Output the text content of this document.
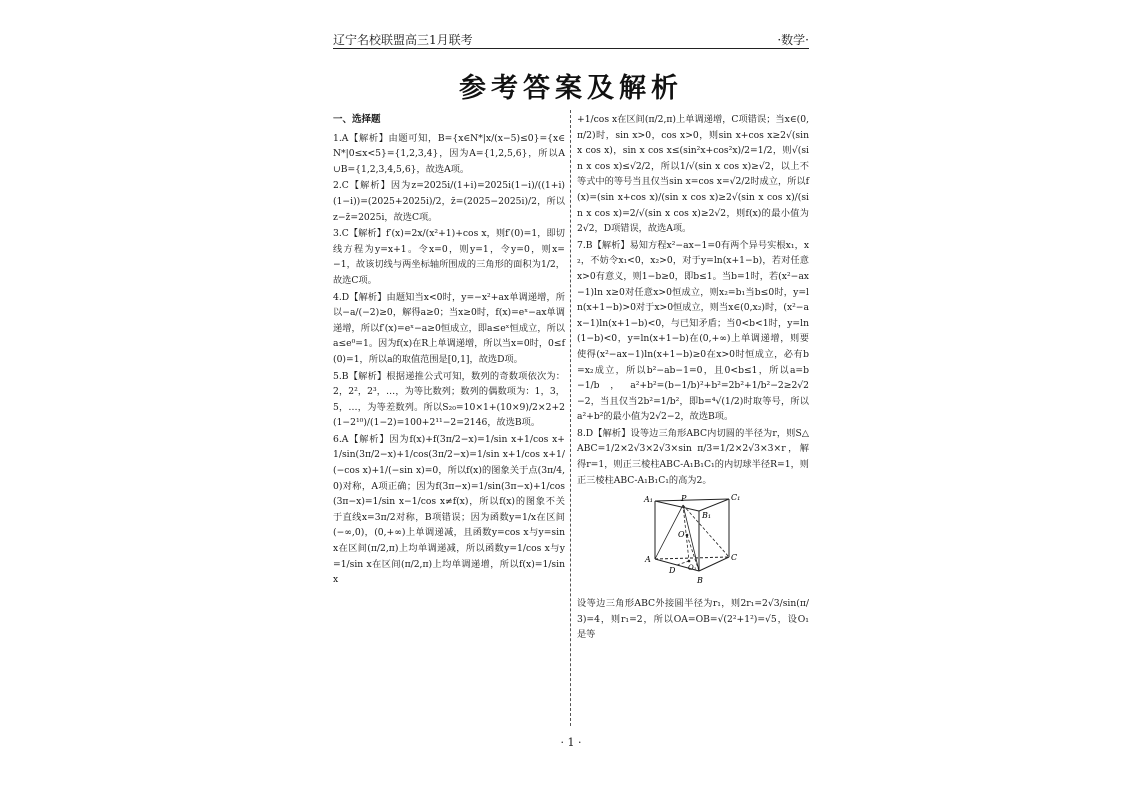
辽宁名校联盟高三1月联考	·数学·
参考答案及解析
一、选择题

1.A【解析】由题可知，B={x∈N*|x/(x−5)≤0}={x∈N*|0≤x<5}={1,2,3,4}，因为A={1,2,5,6}，所以A∪B={1,2,3,4,5,6}，故选A项。

2.C【解析】因为z=2025i/(1+i)=2025i(1−i)/((1+i)(1−i))=(2025+2025i)/2，z̄=(2025−2025i)/2，所以z−z̄=2025i，故选C项。

3.C【解析】f′(x)=2x/(x²+1)+cos x，则f′(0)=1，即切线方程为y=x+1。令x=0，则y=1，令y=0，则x=−1，故该切线与两坐标轴所围成的三角形的面积为1/2，故选C项。

4.D【解析】由题知当x<0时，y=−x²+ax单调递增，所以−a/(−2)≥0，解得a≥0；当x≥0时，f(x)=eˣ−ax单调递增，所以f′(x)=eˣ−a≥0恒成立，即a≤eˣ恒成立，所以a≤e⁰=1。因为f(x)在R上单调递增，所以当x=0时，0≤f(0)=1，所以a的取值范围是[0,1]，故选D项。

5.B【解析】根据递推公式可知，数列的奇数项依次为：2，2²，2³，…，为等比数列；数列的偶数项为：1，3，5，…，为等差数列。所以S₂₀=10×1+(10×9)/2×2+2(1−2¹⁰)/(1−2)=100+2¹¹−2=2146，故选B项。

6.A【解析】因为f(x)+f(3π/2−x)=1/sin x+1/cos x+1/sin(3π/2−x)+1/cos(3π/2−x)=1/sin x+1/cos x+1/(−cos x)+1/(−sin x)=0，所以f(x)的图象关于点(3π/4,0)对称，A项正确；因为f(3π−x)=1/sin(3π−x)+1/cos(3π−x)=1/sin x−1/cos x≠f(x)，所以f(x)的图象不关于直线x=3π/2对称，B项错误；因为函数y=1/x在区间(−∞,0)，(0,+∞)上单调递减，且函数y=cos x与y=sin x在区间(π/2,π)上均单调递减，所以函数y=1/cos x与y=1/sin x在区间(π/2,π)上均单调递增，所以f(x)=1/sin x

+1/cos x在区间(π/2,π)上单调递增，C项错误；当x∈(0,π/2)时，sin x>0，cos x>0，则sin x+cos x≥2√(sin x cos x)，sin x cos x≤(sin²x+cos²x)/2=1/2，则√(sin x cos x)≤√2/2，所以1/√(sin x cos x)≥√2，以上不等式中的等号当且仅当sin x=cos x=√2/2时成立，所以f(x)=(sin x+cos x)/(sin x cos x)≥2√(sin x cos x)/(sin x cos x)=2/√(sin x cos x)≥2√2，则f(x)的最小值为2√2，D项错误，故选A项。

7.B【解析】易知方程x²−ax−1=0有两个异号实根x₁，x₂，不妨令x₁<0，x₂>0，对于y=ln(x+1−b)，若对任意x>0有意义，则1−b≥0，即b≤1。当b=1时，若(x²−ax−1)ln x≥0对任意x>0恒成立，则x₂=b₁当b≤0时，y=ln(x+1−b)>0对于x>0恒成立，则当x∈(0,x₂)时，(x²−ax−1)ln(x+1−b)<0，与已知矛盾；当0<b<1时，y=ln(1−b)<0，y=ln(x+1−b)在(0,+∞)上单调递增，则要使得(x²−ax−1)ln(x+1−b)≥0在x>0时恒成立，必有b=x₂成立，所以b²−ab−1=0，且0<b≤1，所以a=b−1/b，a²+b²=(b−1/b)²+b²=2b²+1/b²−2≥2√2−2，当且仅当2b²=1/b²，即b=⁴√(1/2)时取等号，所以a²+b²的最小值为2√2−2，故选B项。

8.D【解析】设等边三角形ABC内切圆的半径为r，则S△ABC=1/2×2√3×2√3×sin π/3=1/2×2√3×3×r，解得r=1，则正三棱柱ABC-A₁B₁C₁的内切球半径R=1，则正三棱柱ABC-A₁B₁C₁的高为2。

A₁	C₁
P
B₁
O
A	C
D O₁
B

设等边三角形ABC外接圆半径为r₁，则2r₁=2√3/sin(π/3)=4，则r₁=2，所以OA=OB=√(2²+1²)=√5，设O₁是等

· 1 ·
